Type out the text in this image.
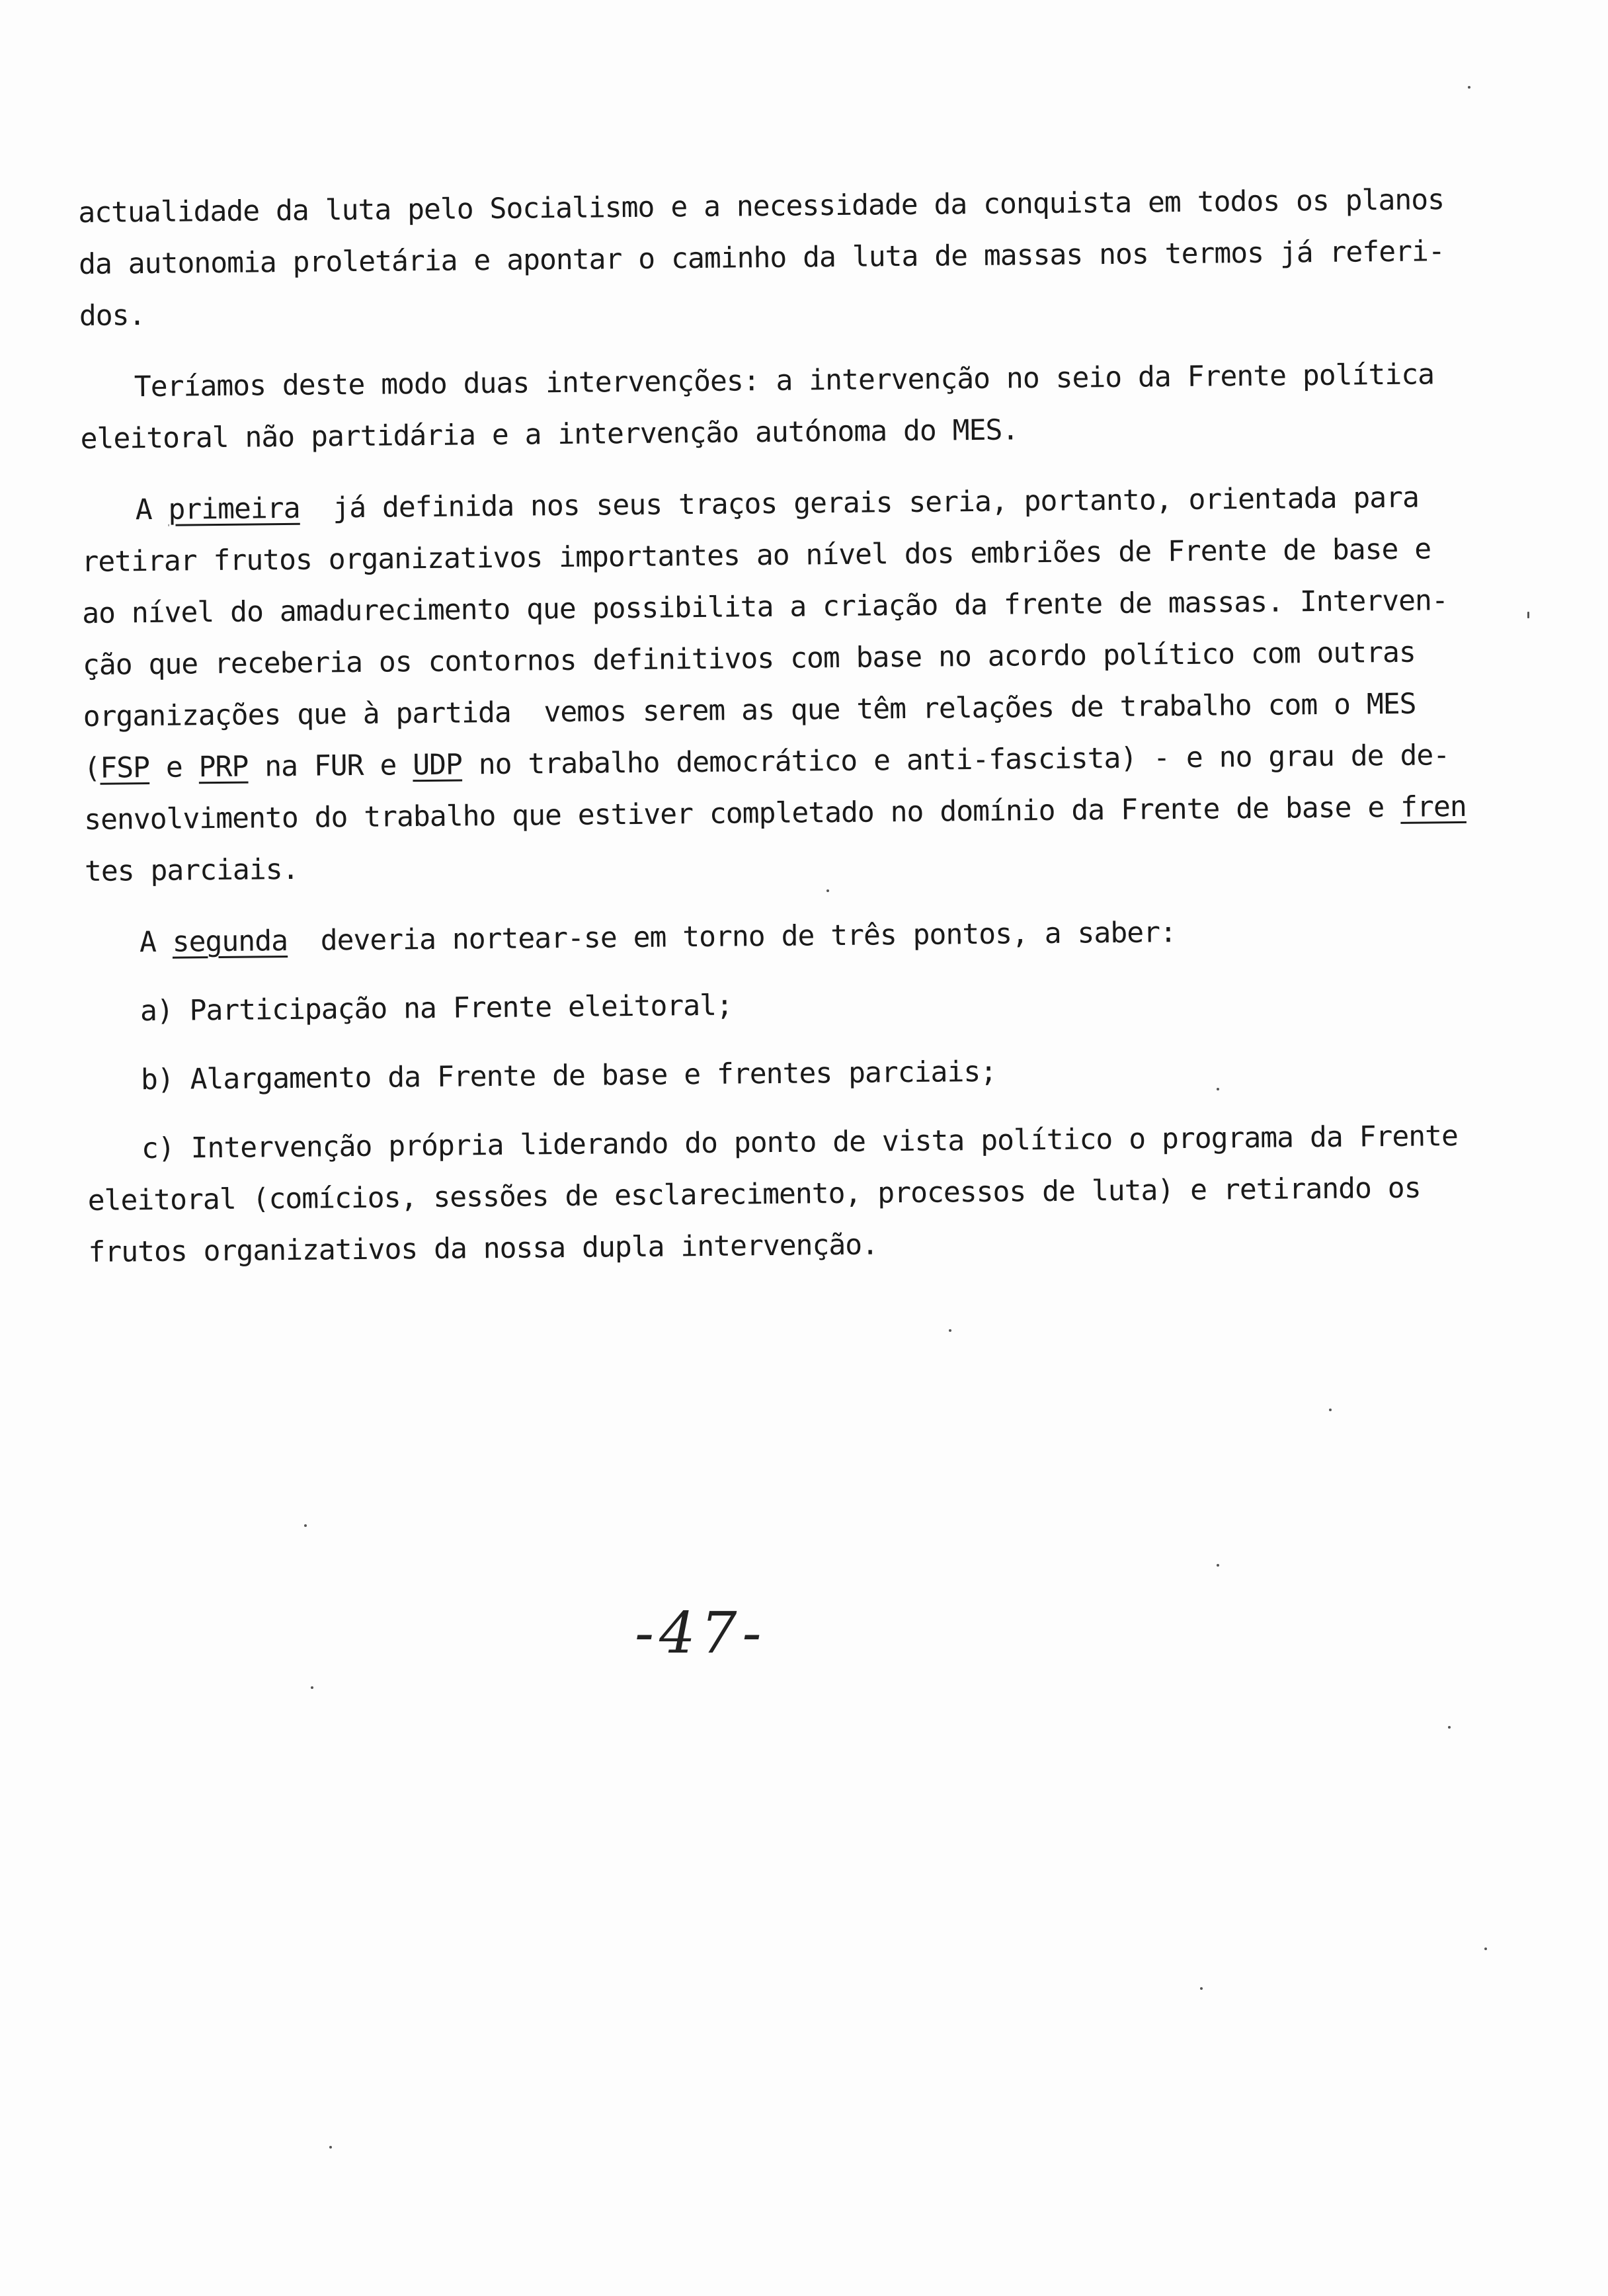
actualidade da luta pelo Socialismo e a necessidade da conquista em todos os planos
da autonomia proletária e apontar o caminho da luta de massas nos termos já referi-
dos.
Teríamos deste modo duas intervenções: a intervenção no seio da Frente política
eleitoral não partidária e a intervenção autónoma do MES.
A primeira  já definida nos seus traços gerais seria, portanto, orientada para
retirar frutos organizativos importantes ao nível dos embriões de Frente de base e
ao nível do amadurecimento que possibilita a criação da frente de massas. Interven-
ção que receberia os contornos definitivos com base no acordo político com outras
organizações que à partida  vemos serem as que têm relações de trabalho com o MES
(FSP e PRP na FUR e UDP no trabalho democrático e anti-fascista) - e no grau de de-
senvolvimento do trabalho que estiver completado no domínio da Frente de base e fren
tes parciais.
A segunda  deveria nortear-se em torno de três pontos, a saber:
a) Participação na Frente eleitoral;
b) Alargamento da Frente de base e frentes parciais;
c) Intervenção própria liderando do ponto de vista político o programa da Frente
eleitoral (comícios, sessões de esclarecimento, processos de luta) e retirando os
frutos organizativos da nossa dupla intervenção.
-47-
